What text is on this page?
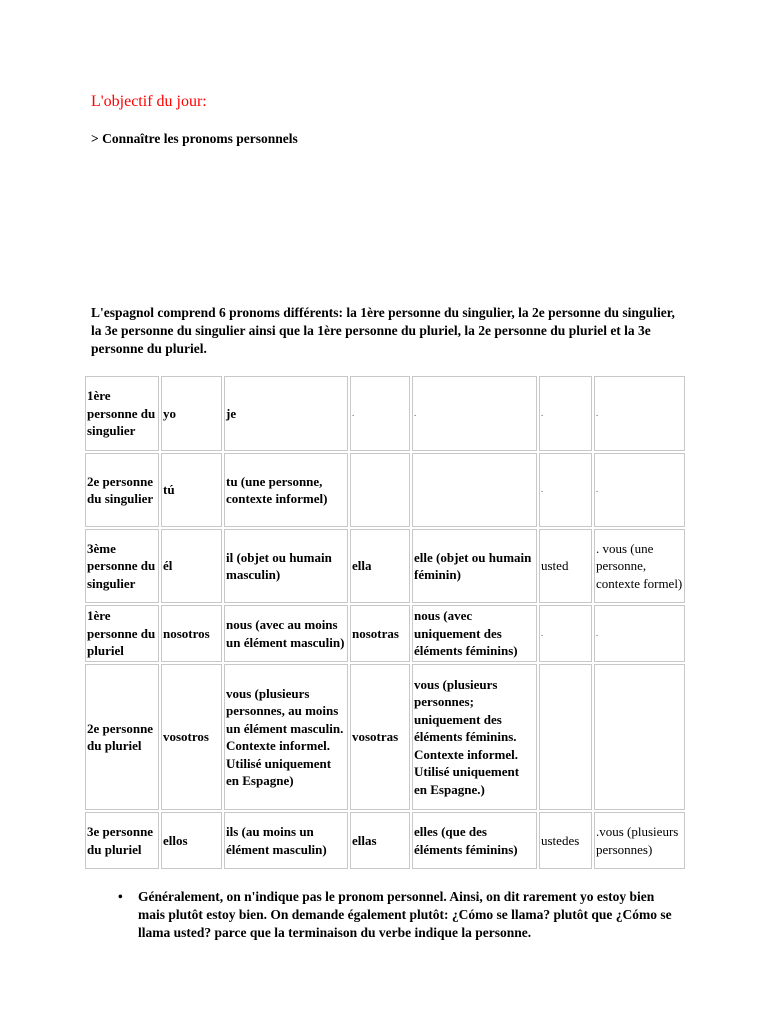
L'objectif du jour:

> Connaître les pronoms personnels

L'espagnol comprend 6 pronoms différents: la 1ère personne du singulier, la 2e personne du singulier, la 3e personne du singulier ainsi que la 1ère personne du pluriel, la 2e personne du pluriel et la 3e personne du pluriel.

1ère personne du singulier	yo	je	.	.	.	.
2e personne du singulier	tú	tu (une personne, contexte informel)			.	.
3ème personne du singulier	él	il (objet ou humain masculin)	ella	elle (objet ou humain féminin)	usted	. vous (une personne, contexte formel)
1ère personne du pluriel	nosotros	nous (avec au moins un élément masculin)	nosotras	nous (avec uniquement des éléments féminins)	.	.
2e personne du pluriel	vosotros	vous (plusieurs personnes, au moins un élément masculin. Contexte informel. Utilisé uniquement en Espagne)	vosotras	vous (plusieurs personnes; uniquement des éléments féminins. Contexte informel. Utilisé uniquement en Espagne.)		
3e personne du pluriel	ellos	ils (au moins un élément masculin)	ellas	elles (que des éléments féminins)	ustedes	.vous (plusieurs personnes)
• Généralement, on n'indique pas le pronom personnel. Ainsi, on dit rarement yo estoy bien mais plutôt estoy bien. On demande également plutôt: ¿Cómo se llama? plutôt que ¿Cómo se llama usted? parce que la terminaison du verbe indique la personne.
